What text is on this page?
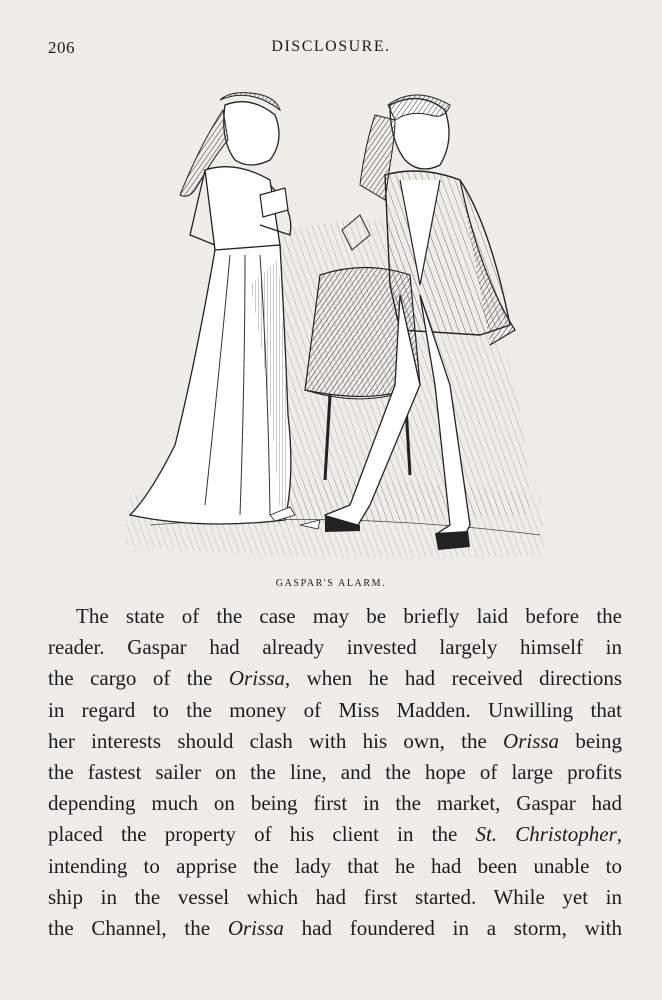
206	DISCLOSURE.
GASPAR'S ALARM.
The state of the case may be briefly laid before the
reader. Gaspar had already invested largely himself in
the cargo of the Orissa, when he had received directions
in regard to the money of Miss Madden. Unwilling that
her interests should clash with his own, the Orissa being
the fastest sailer on the line, and the hope of large profits
depending much on being first in the market, Gaspar had
placed the property of his client in the St. Christopher,
intending to apprise the lady that he had been unable to
ship in the vessel which had first started. While yet in
the Channel, the Orissa had foundered in a storm, with
